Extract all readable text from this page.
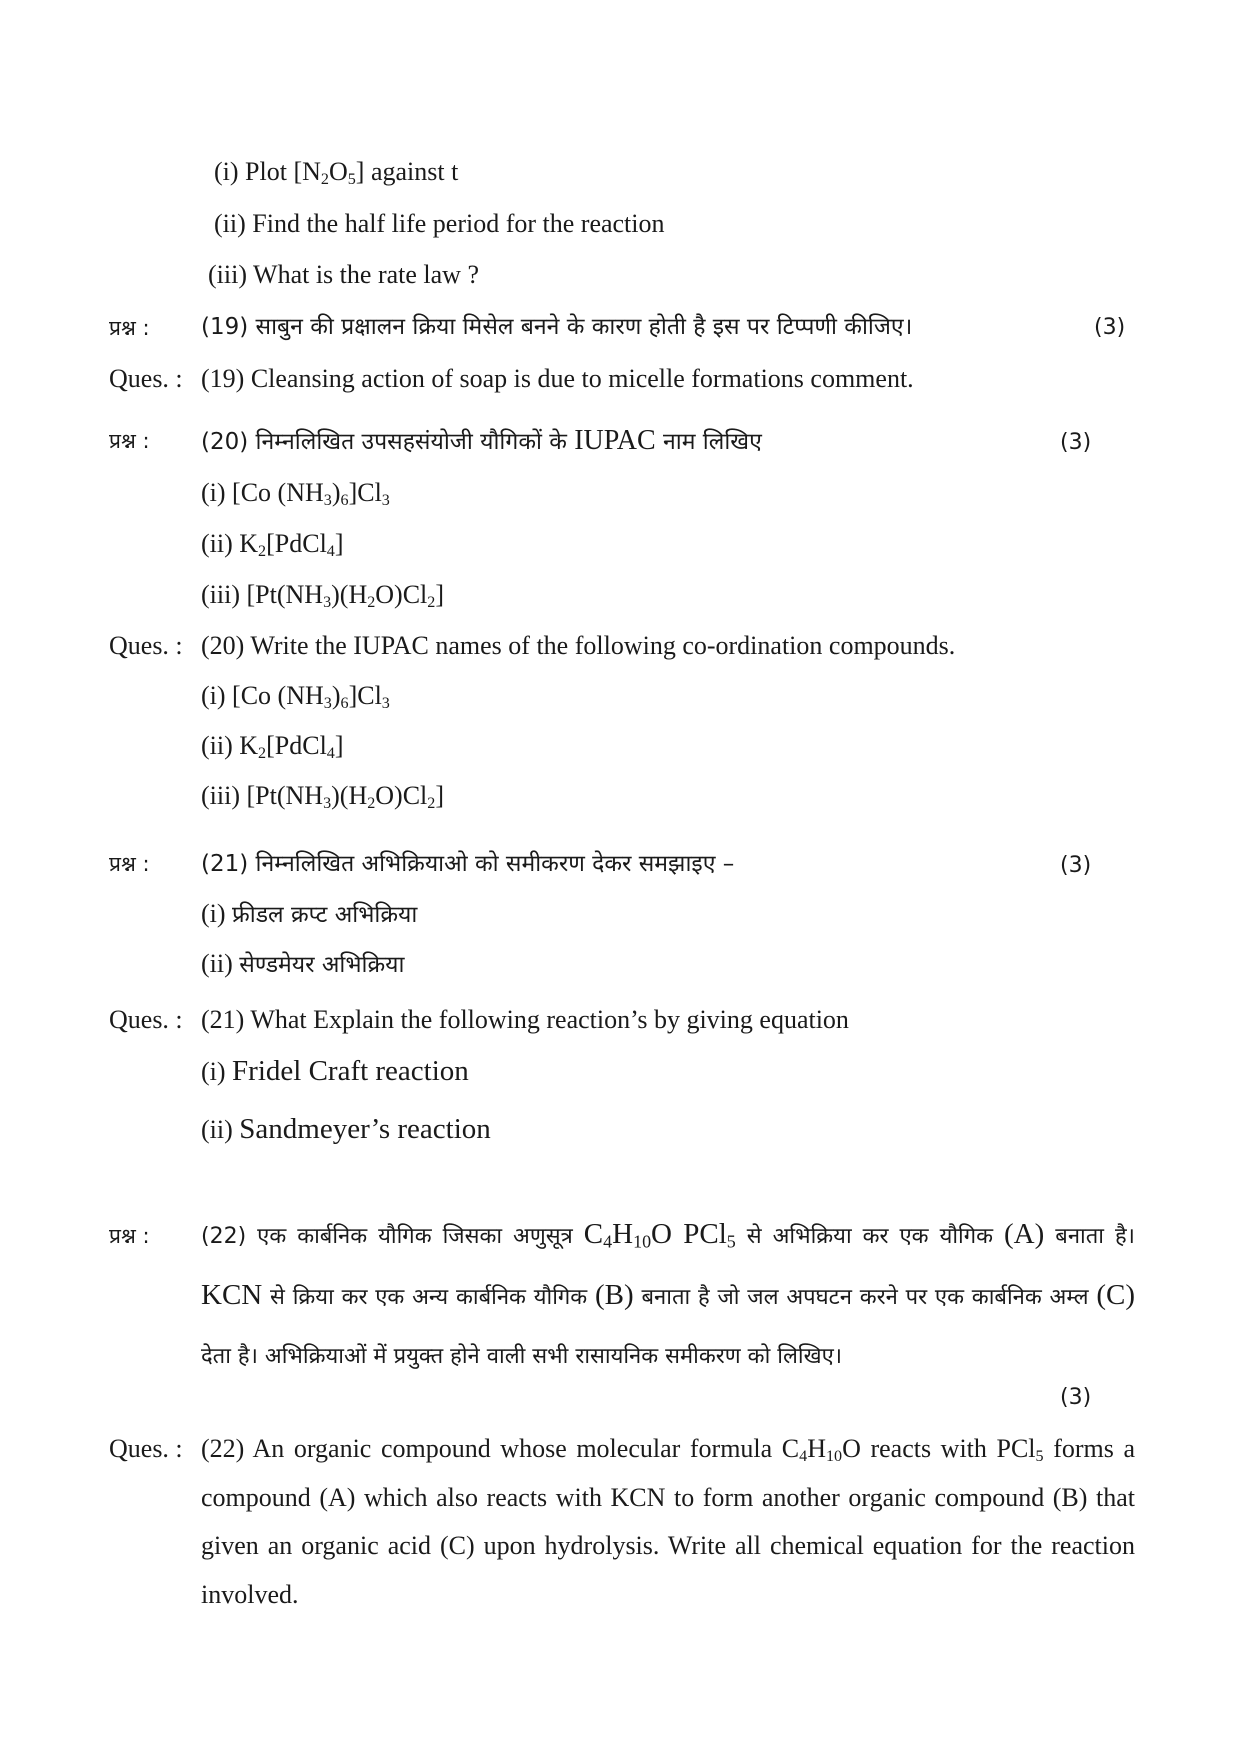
(i) Plot $[N_2O_5]$ against t
(ii) Find the half life period for the reaction
(iii) What is the rate law ?
प्रश्न : (19) साबुन की प्रक्षालन क्रिया मिसेल बनने के कारण होती है इस पर टिप्पणी कीजिए।	(3)
Ques. : (19) Cleansing action of soap is due to micelle formations comment.
प्रश्न : (20) निम्नलिखित उपसहसंयोजी यौगिकों के IUPAC नाम लिखिए	(3)
(i) [Co $(NH_3)_6]Cl_3$
(ii) $K_2[PdCl_4]$
(iii) $[Pt(NH_3)(H_2O)Cl_2]$
Ques. : (20) Write the IUPAC names of the following co-ordination compounds.
(i) [Co $(NH_3)_6]Cl_3$
(ii) $K_2[PdCl_4]$
(iii) $[Pt(NH_3)(H_2O)Cl_2]$
प्रश्न : (21) निम्नलिखित अभिक्रियाओ को समीकरण देकर समझाइए –	(3)
(i) फ्रीडल क्रप्ट अभिक्रिया
(ii) सेण्डमेयर अभिक्रिया
Ques. : (21) What Explain the following reaction’s by giving equation
(i) Fridel Craft reaction
(ii) Sandmeyer’s reaction
प्रश्न : (22) एक कार्बनिक यौगिक जिसका अणुसूत्र $C_4H_{10}O$ PCl$_5$ से अभिक्रिया कर एक यौगिक (A) बनाता है। KCN से क्रिया कर एक अन्य कार्बनिक यौगिक (B) बनाता है जो जल अपघटन करने पर एक कार्बनिक अम्ल (C) देता है। अभिक्रियाओं में प्रयुक्त होने वाली सभी रासायनिक समीकरण को लिखिए।
(3)
Ques. : (22) An organic compound whose molecular formula $C_4H_{10}O$ reacts with PCl$_5$ forms a compound (A) which also reacts with KCN to form another organic compound (B) that given an organic acid (C) upon hydrolysis. Write all chemical equation for the reaction involved.
